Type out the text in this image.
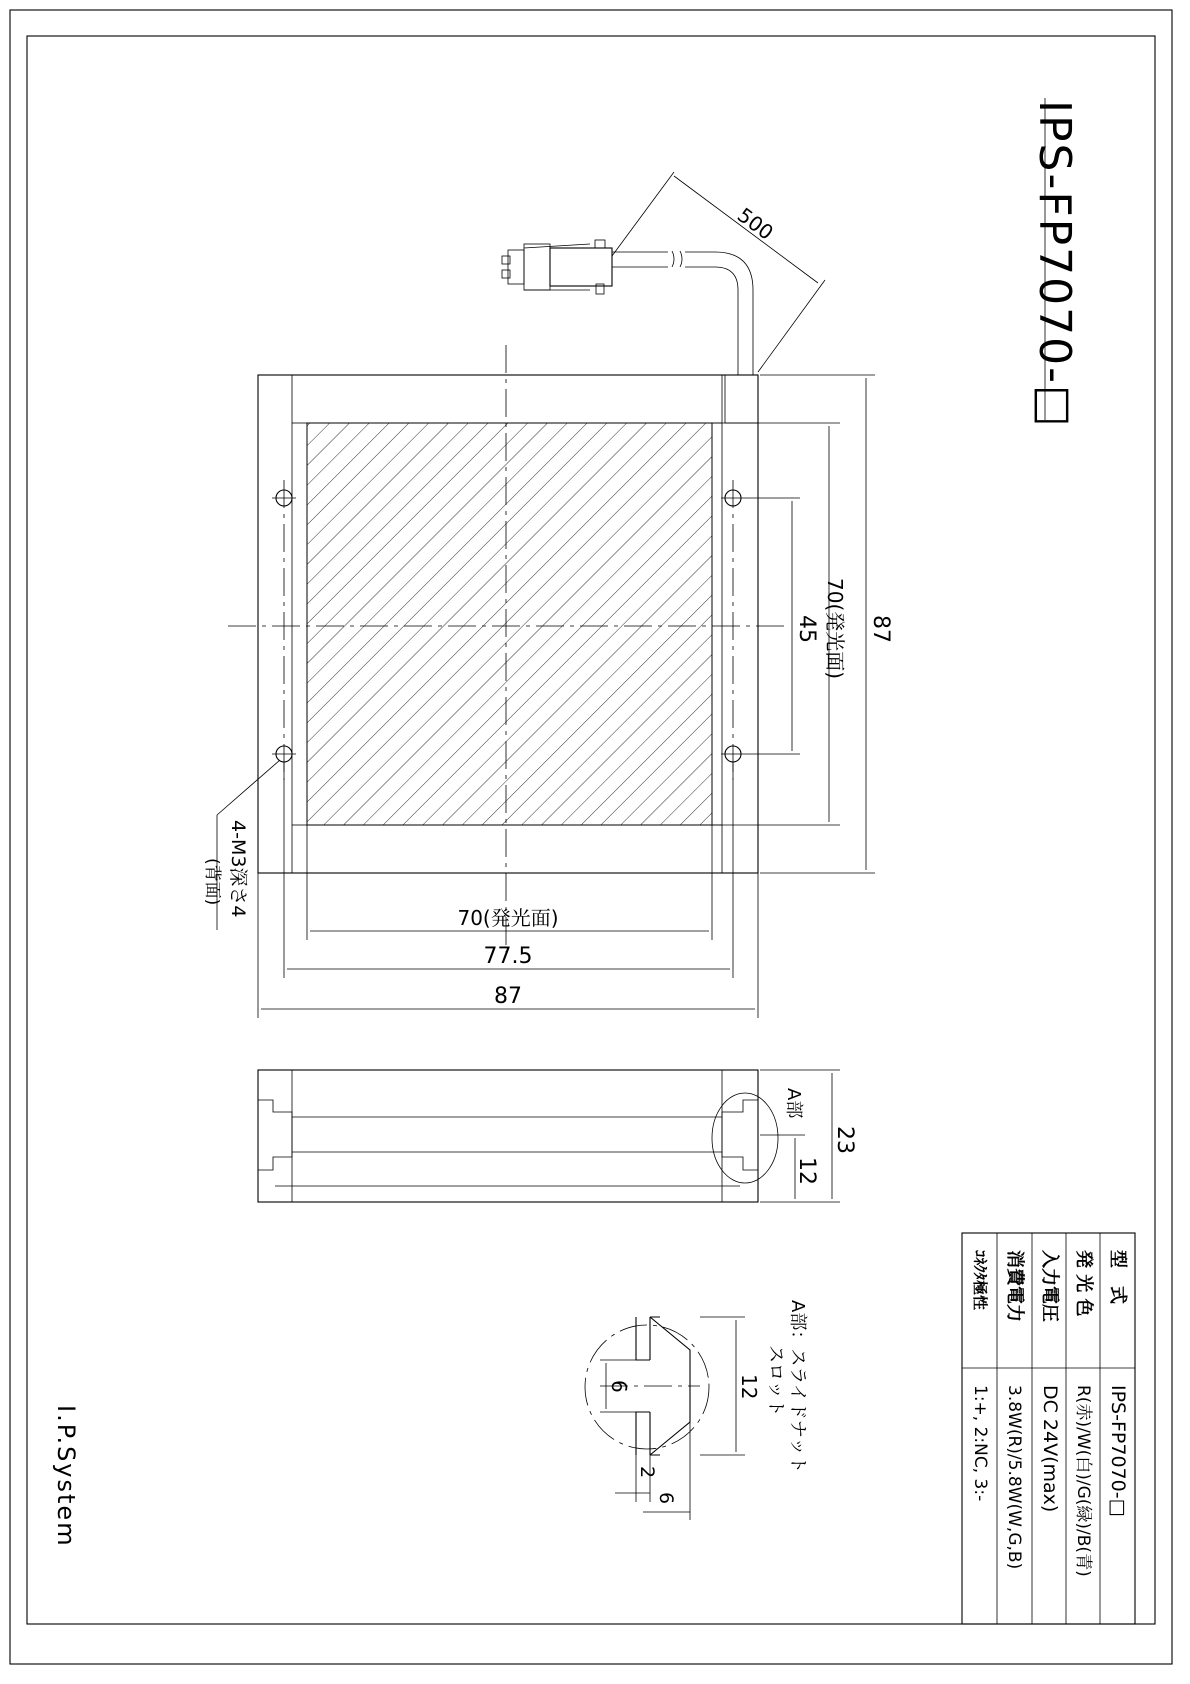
IPS-FP7070-□
I.P.System
500
87
70(発光面)
45
70(発光面)
77.5
87
4-M3深さ4
(背面)
A部
23
12
12
6
2
6
A部：スライドナット
スロット
型　式
IPS-FP7070-□
発 光 色
R(赤)/W(白)/G(緑)/B(青)
入力電圧
DC 24V(max)
消費電力
3.8W(R)/5.8W(W,G,B)
ｺﾈｸﾀ極性
1:+, 2:NC, 3:-
